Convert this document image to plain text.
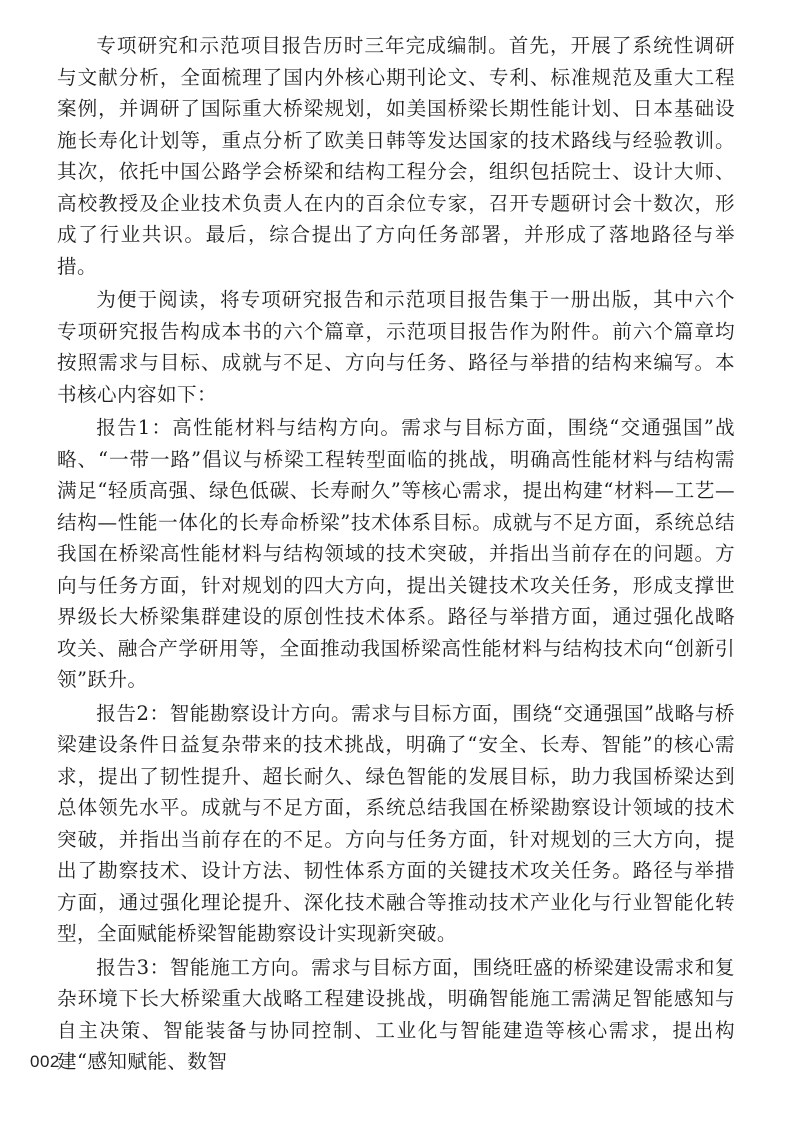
专项研究和示范项目报告历时三年完成编制。首先，开展了系统性调研与文献分析，全面梳理了国内外核心期刊论文、专利、标准规范及重大工程案例，并调研了国际重大桥梁规划，如美国桥梁长期性能计划、日本基础设施长寿化计划等，重点分析了欧美日韩等发达国家的技术路线与经验教训。其次，依托中国公路学会桥梁和结构工程分会，组织包括院士、设计大师、高校教授及企业技术负责人在内的百余位专家，召开专题研讨会十数次，形成了行业共识。最后，综合提出了方向任务部署，并形成了落地路径与举措。

为便于阅读，将专项研究报告和示范项目报告集于一册出版，其中六个专项研究报告构成本书的六个篇章，示范项目报告作为附件。前六个篇章均按照需求与目标、成就与不足、方向与任务、路径与举措的结构来编写。本书核心内容如下：

报告1：高性能材料与结构方向。需求与目标方面，围绕“交通强国”战略、“一带一路”倡议与桥梁工程转型面临的挑战，明确高性能材料与结构需满足“轻质高强、绿色低碳、长寿耐久”等核心需求，提出构建“材料—工艺—结构—性能一体化的长寿命桥梁”技术体系目标。成就与不足方面，系统总结我国在桥梁高性能材料与结构领域的技术突破，并指出当前存在的问题。方向与任务方面，针对规划的四大方向，提出关键技术攻关任务，形成支撑世界级长大桥梁集群建设的原创性技术体系。路径与举措方面，通过强化战略攻关、融合产学研用等，全面推动我国桥梁高性能材料与结构技术向“创新引领”跃升。

报告2：智能勘察设计方向。需求与目标方面，围绕“交通强国”战略与桥梁建设条件日益复杂带来的技术挑战，明确了“安全、长寿、智能”的核心需求，提出了韧性提升、超长耐久、绿色智能的发展目标，助力我国桥梁达到总体领先水平。成就与不足方面，系统总结我国在桥梁勘察设计领域的技术突破，并指出当前存在的不足。方向与任务方面，针对规划的三大方向，提出了勘察技术、设计方法、韧性体系方面的关键技术攻关任务。路径与举措方面，通过强化理论提升、深化技术融合等推动技术产业化与行业智能化转型，全面赋能桥梁智能勘察设计实现新突破。

报告3：智能施工方向。需求与目标方面，围绕旺盛的桥梁建设需求和复杂环境下长大桥梁重大战略工程建设挑战，明确智能施工需满足智能感知与自主决策、智能装备与协同控制、工业化与智能建造等核心需求，提出构建“感知赋能、数智

002
